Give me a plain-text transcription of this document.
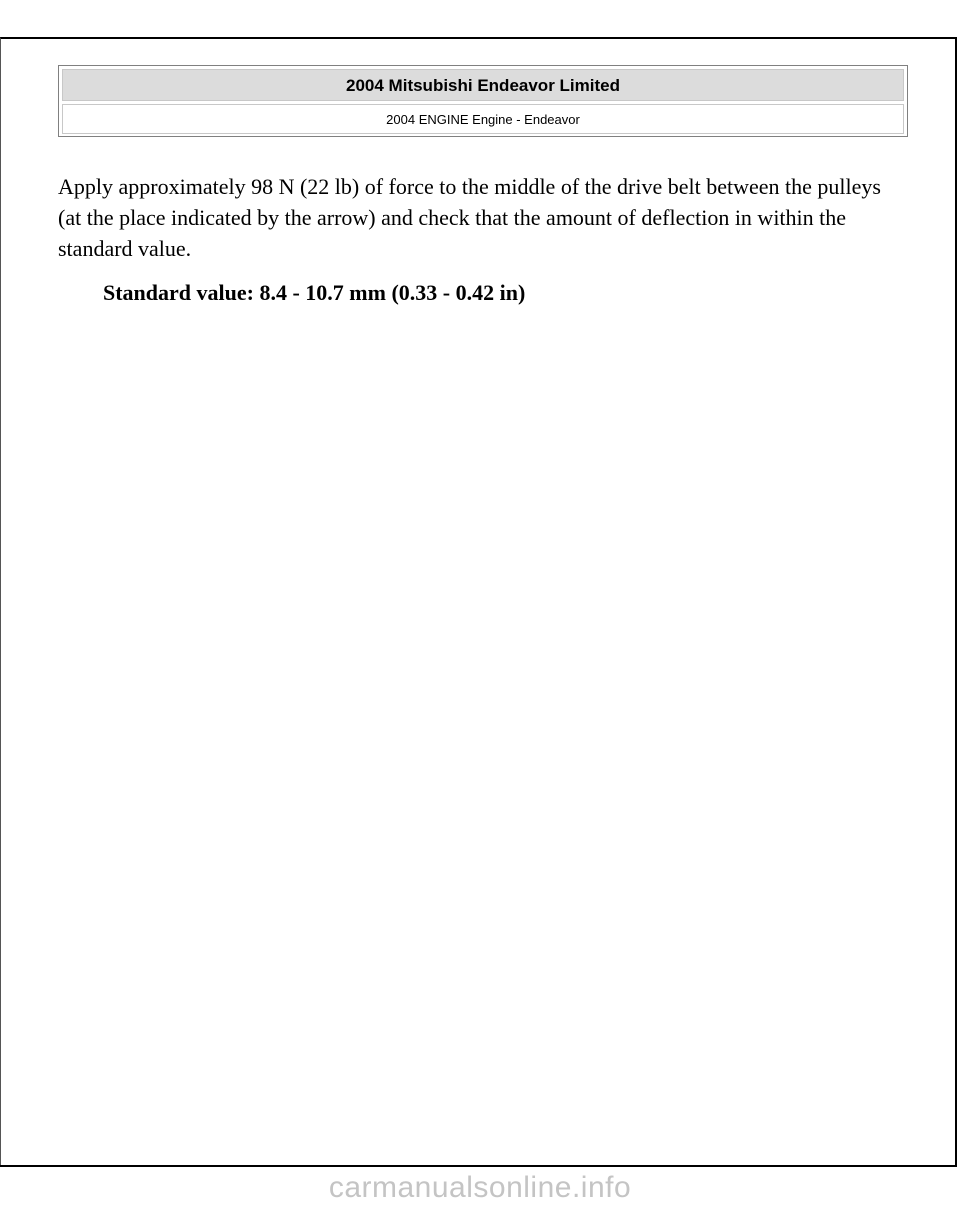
2004 Mitsubishi Endeavor Limited
2004 ENGINE Engine - Endeavor

Apply approximately 98 N (22 lb) of force to the middle of the drive belt between the pulleys (at the place indicated by the arrow) and check that the amount of deflection in within the standard value.

Standard value: 8.4 - 10.7 mm (0.33 - 0.42 in)

carmanualsonline.info
